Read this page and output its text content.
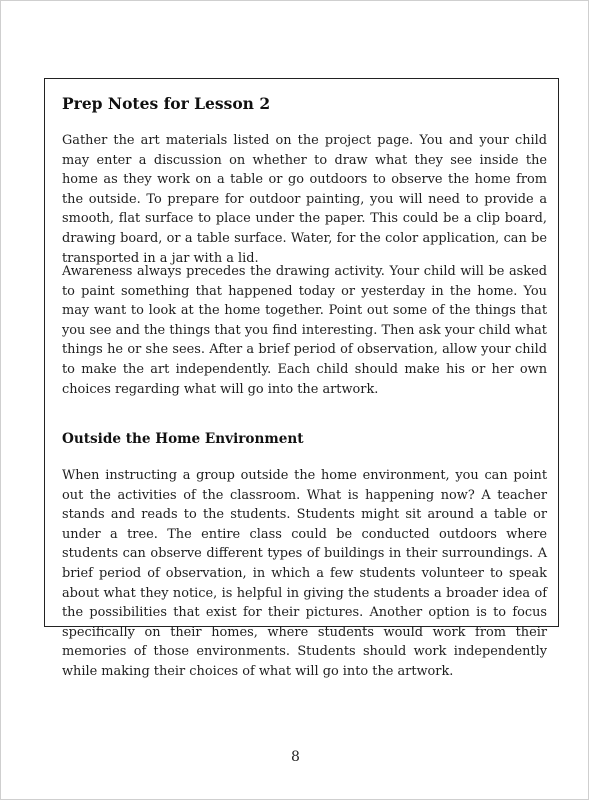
Prep Notes for Lesson 2

Gather the art materials listed on the project page. You and your child may enter a discussion on whether to draw what they see inside the home as they work on a table or go outdoors to observe the home from the outside. To prepare for outdoor painting, you will need to provide a smooth, flat surface to place under the paper. This could be a clip board, drawing board, or a table surface. Water, for the color application, can be transported in a jar with a lid.

Awareness always precedes the drawing activity. Your child will be asked to paint something that happened today or yesterday in the home. You may want to look at the home together. Point out some of the things that you see and the things that you find interesting. Then ask your child what things he or she sees. After a brief period of observation, allow your child to make the art independently. Each child should make his or her own choices regarding what will go into the artwork.

Outside the Home Environment

When instructing a group outside the home environment, you can point out the activities of the classroom. What is happening now? A teacher stands and reads to the students. Students might sit around a table or under a tree. The entire class could be conducted outdoors where students can observe different types of buildings in their surroundings. A brief period of observation, in which a few students volunteer to speak about what they notice, is helpful in giving the students a broader idea of the possibilities that exist for their pictures. Another option is to focus specifically on their homes, where students would work from their memories of those environments. Students should work independently while making their choices of what will go into the artwork.

8
